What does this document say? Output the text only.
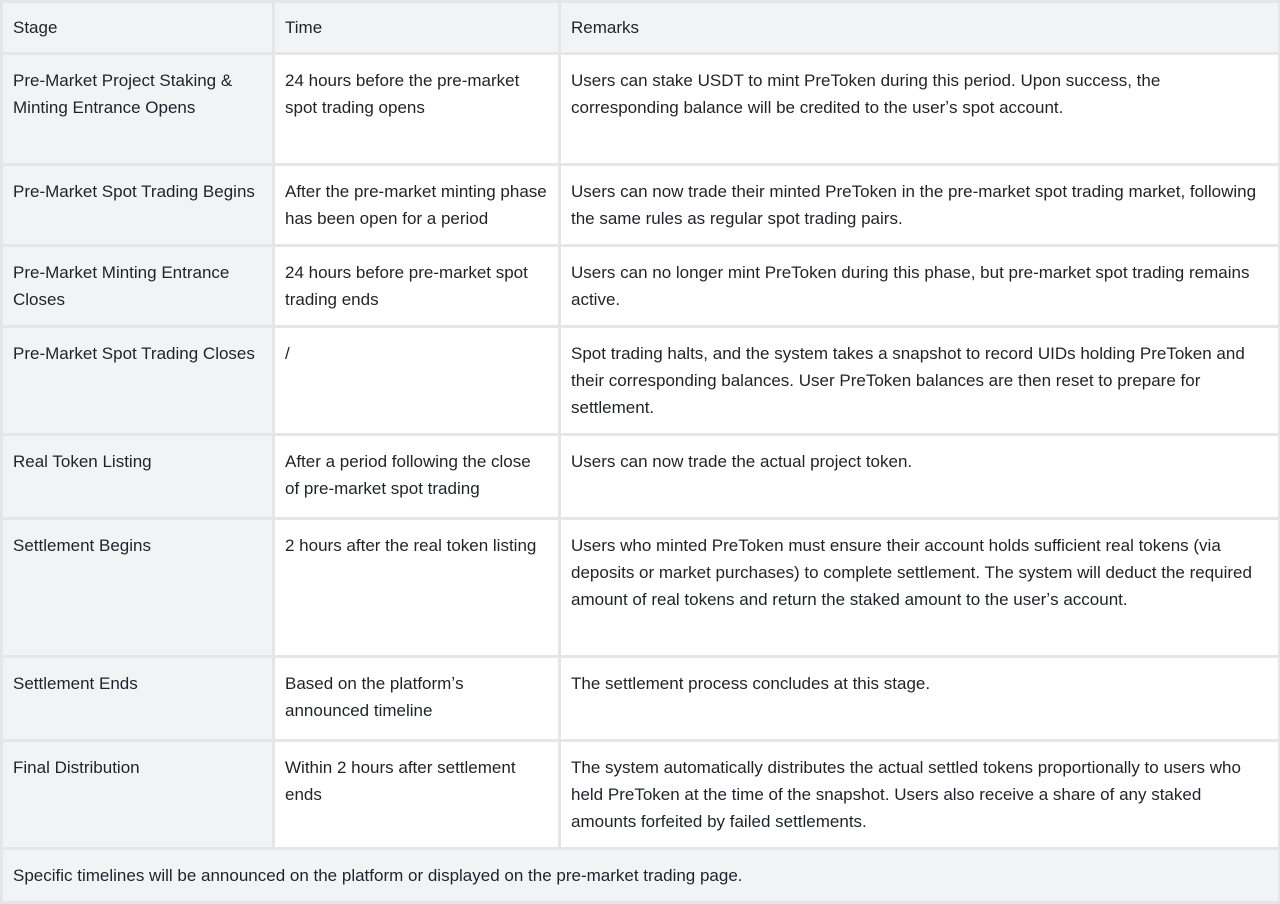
Stage	Time	Remarks
Pre-Market Project Staking & Minting Entrance Opens	24 hours before the pre-market spot trading opens	Users can stake USDT to mint PreToken during this period. Upon success, the corresponding balance will be credited to the userʼs spot account.
Pre-Market Spot Trading Begins	After the pre-market minting phase has been open for a period	Users can now trade their minted PreToken in the pre-market spot trading market, following the same rules as regular spot trading pairs.
Pre-Market Minting Entrance Closes	24 hours before pre-market spot trading ends	Users can no longer mint PreToken during this phase, but pre-market spot trading remains active.
Pre-Market Spot Trading Closes	/	Spot trading halts, and the system takes a snapshot to record UIDs holding PreToken and their corresponding balances. User PreToken balances are then reset to prepare for settlement.
Real Token Listing	After a period following the close of pre-market spot trading	Users can now trade the actual project token.
Settlement Begins	2 hours after the real token listing	Users who minted PreToken must ensure their account holds sufficient real tokens (via deposits or market purchases) to complete settlement. The system will deduct the required amount of real tokens and return the staked amount to the userʼs account.
Settlement Ends	Based on the platformʼs announced timeline	The settlement process concludes at this stage.
Final Distribution	Within 2 hours after settlement ends	The system automatically distributes the actual settled tokens proportionally to users who held PreToken at the time of the snapshot. Users also receive a share of any staked amounts forfeited by failed settlements.
Specific timelines will be announced on the platform or displayed on the pre-market trading page.		
